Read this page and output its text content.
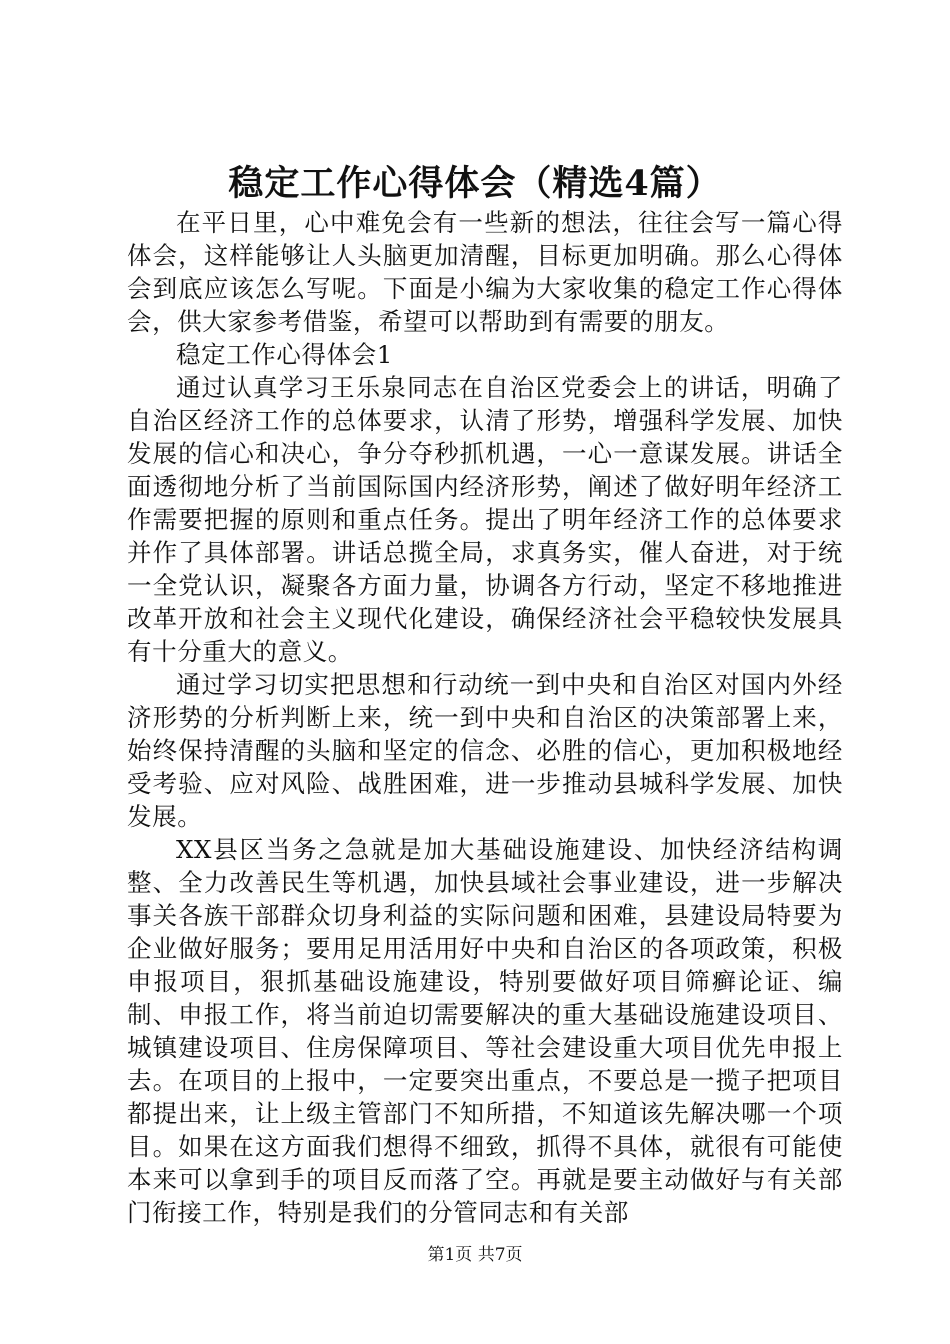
稳定工作心得体会（精选4篇）

在平日里，心中难免会有一些新的想法，往往会写一篇心得体会，这样能够让人头脑更加清醒，目标更加明确。那么心得体会到底应该怎么写呢。下面是小编为大家收集的稳定工作心得体会，供大家参考借鉴，希望可以帮助到有需要的朋友。

稳定工作心得体会1

通过认真学习王乐泉同志在自治区党委会上的讲话，明确了自治区经济工作的总体要求，认清了形势，增强科学发展、加快发展的信心和决心，争分夺秒抓机遇，一心一意谋发展。讲话全面透彻地分析了当前国际国内经济形势，阐述了做好明年经济工作需要把握的原则和重点任务。提出了明年经济工作的总体要求并作了具体部署。讲话总揽全局，求真务实，催人奋进，对于统一全党认识，凝聚各方面力量，协调各方行动，坚定不移地推进改革开放和社会主义现代化建设，确保经济社会平稳较快发展具有十分重大的意义。

通过学习切实把思想和行动统一到中央和自治区对国内外经济形势的分析判断上来，统一到中央和自治区的决策部署上来，始终保持清醒的头脑和坚定的信念、必胜的信心，更加积极地经受考验、应对风险、战胜困难，进一步推动县城科学发展、加快发展。

XX县区当务之急就是加大基础设施建设、加快经济结构调整、全力改善民生等机遇，加快县域社会事业建设，进一步解决事关各族干部群众切身利益的实际问题和困难，县建设局特要为企业做好服务；要用足用活用好中央和自治区的各项政策，积极申报项目，狠抓基础设施建设，特别要做好项目筛癣论证、编制、申报工作，将当前迫切需要解决的重大基础设施建设项目、城镇建设项目、住房保障项目、等社会建设重大项目优先申报上去。在项目的上报中，一定要突出重点，不要总是一揽子把项目都提出来，让上级主管部门不知所措，不知道该先解决哪一个项目。如果在这方面我们想得不细致，抓得不具体，就很有可能使本来可以拿到手的项目反而落了空。再就是要主动做好与有关部门衔接工作，特别是我们的分管同志和有关部

第1页 共7页
